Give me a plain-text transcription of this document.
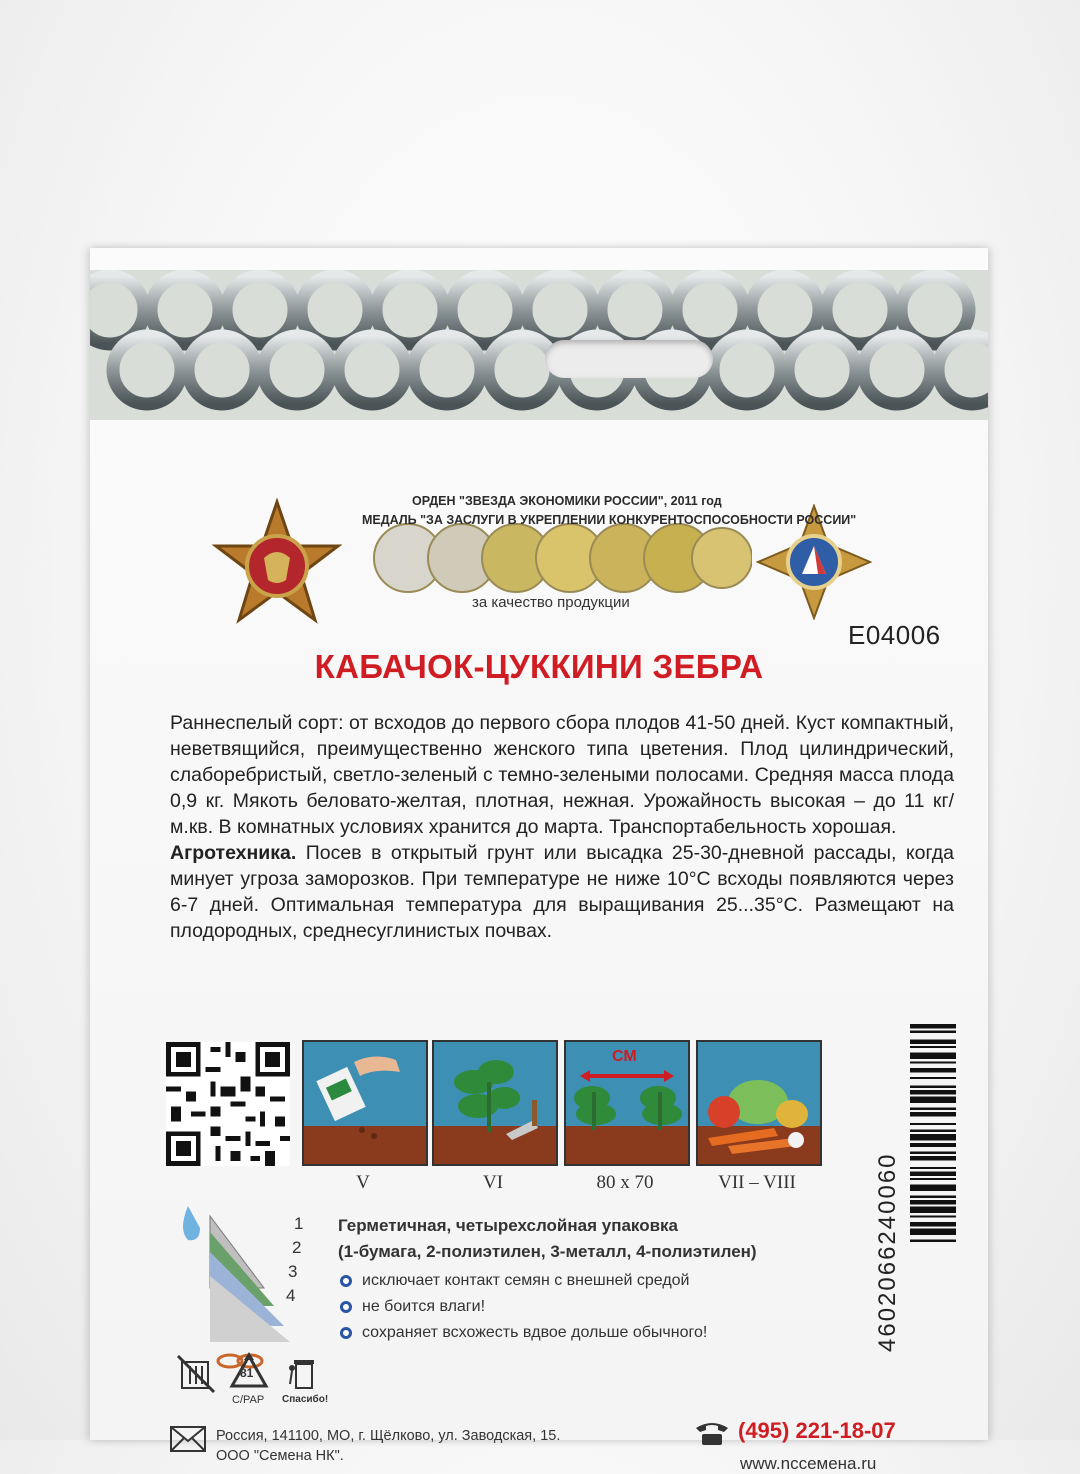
ОРДЕН "ЗВЕЗДА ЭКОНОМИКИ РОССИИ", 2011 год
МЕДАЛЬ "ЗА ЗАСЛУГИ В УКРЕПЛЕНИИ КОНКУРЕНТОСПОСОБНОСТИ РОССИИ"
за качество продукции
E04006
КАБАЧОК-ЦУККИНИ ЗЕБРА
Раннеспелый сорт: от всходов до первого сбора плодов 41-50 дней. Куст компактный, неветвящийся, преимущественно женского типа цветения. Плод цилиндрический, слаборебристый, светло-зеленый с темно-зелеными полосами. Средняя масса плода 0,9 кг. Мякоть беловато-желтая, плотная, нежная. Урожайность высокая – до 11 кг/м.кв. В комнатных условиях хранится до марта. Транспортабельность хорошая.
Агротехника. Посев в открытый грунт или высадка 25-30-дневной рассады, когда минует угроза заморозков. При температуре не ниже 10°C всходы появляются через 6-7 дней. Оптимальная температура для выращивания 25...35°C. Размещают на плодородных, среднесуглинистых почвах.
V	VI
СМ
80 x 70	VII – VIII	4602066240060
1
2
3
4
Герметичная, четырехслойная упаковка
(1-бумага, 2-полиэтилен, 3-металл, 4-полиэтилен)
исключает контакт семян с внешней средой
не боится влаги!
сохраняет всхожесть вдвое дольше обычного!
81
C/PAP Спасибо!
Россия, 141100, МО, г. Щёлково, ул. Заводская, 15.
ООО "Семена НК".
(495) 221-18-07
www.ncсемена.ru
